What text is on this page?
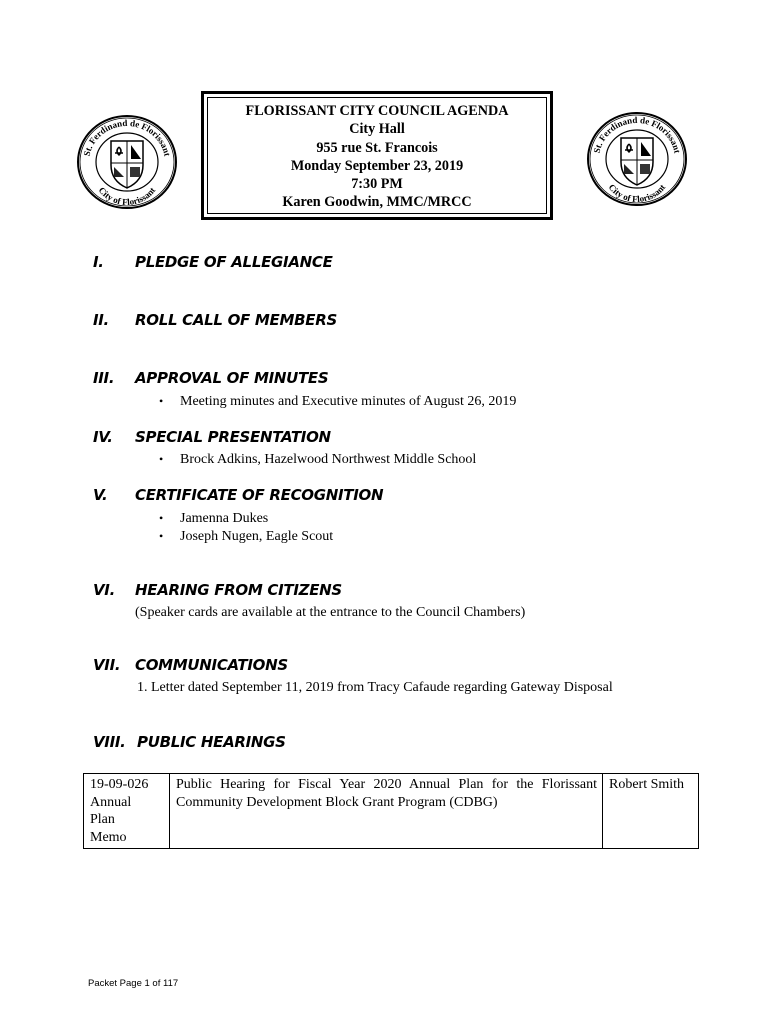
St. Ferdinand de Florissant
City of Florissant
St. Ferdinand de Florissant
City of Florissant
FLORISSANT CITY COUNCIL AGENDA
City Hall
955 rue St. Francois
Monday September 23, 2019
7:30 PM
Karen Goodwin, MMC/MRCC
I. PLEDGE OF ALLEGIANCE
II. ROLL CALL OF MEMBERS
III. APPROVAL OF MINUTES
• Meeting minutes and Executive minutes of August 26, 2019
IV. SPECIAL PRESENTATION
• Brock Adkins, Hazelwood Northwest Middle School
V. CERTIFICATE OF RECOGNITION
• Jamenna Dukes
• Joseph Nugen, Eagle Scout
VI. HEARING FROM CITIZENS
(Speaker cards are available at the entrance to the Council Chambers)
VII. COMMUNICATIONS
1. Letter dated September 11, 2019 from Tracy Cafaude regarding Gateway Disposal
VIII. PUBLIC HEARINGS
19-09-026
Annual
Plan
Memo
	Public Hearing for Fiscal Year 2020 Annual Plan for the Florissant Community Development Block Grant Program (CDBG)	Robert Smith
Packet Page 1 of 117
